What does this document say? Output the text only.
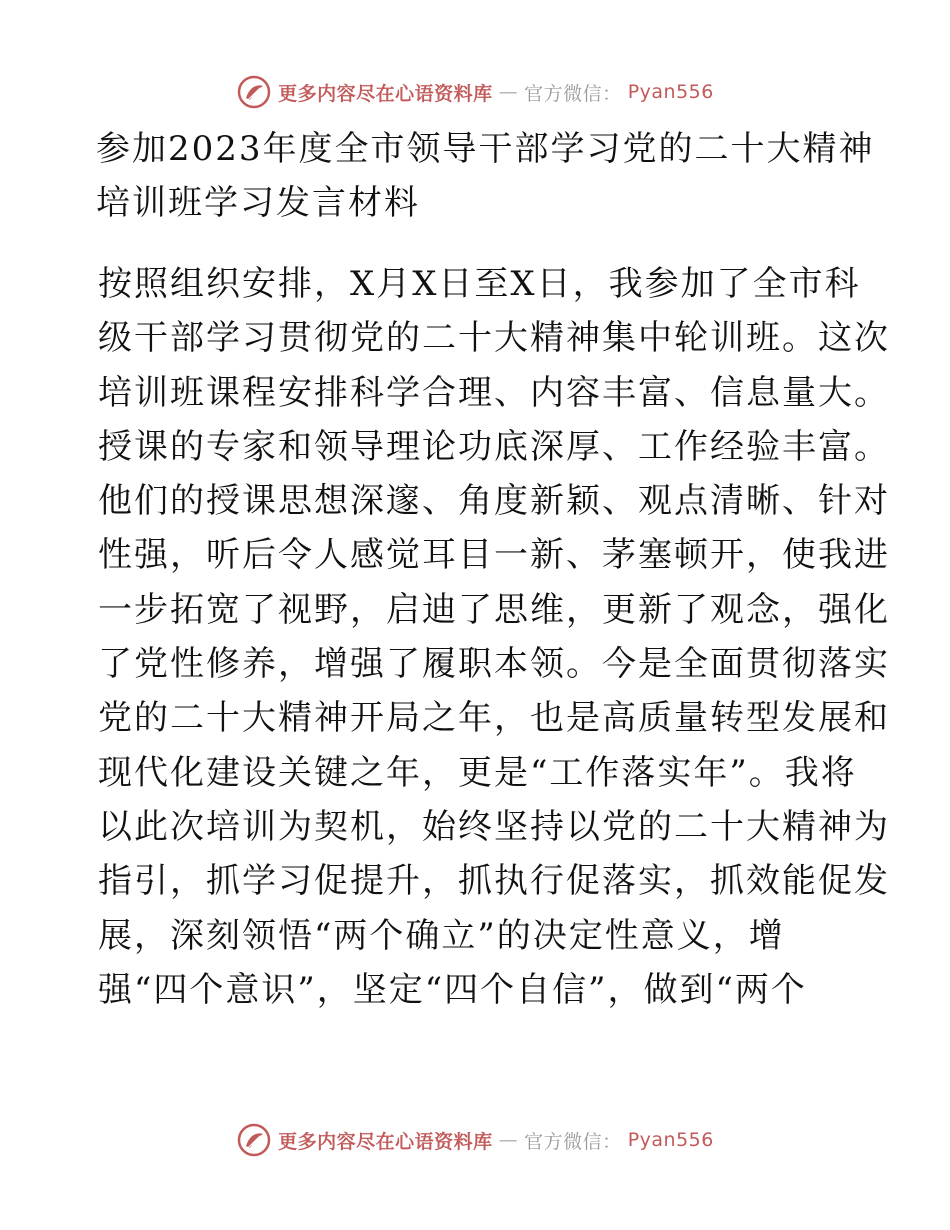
更多内容尽在心语资料库 — 官方微信： Pyan556
参加2023年度全市领导干部学习党的二十大精神
培训班学习发言材料
按照组织安排，X月X日至X日，我参加了全市科
级干部学习贯彻党的二十大精神集中轮训班。这次
培训班课程安排科学合理、内容丰富、信息量大。
授课的专家和领导理论功底深厚、工作经验丰富。
他们的授课思想深邃、角度新颖、观点清晰、针对
性强，听后令人感觉耳目一新、茅塞顿开，使我进
一步拓宽了视野，启迪了思维，更新了观念，强化
了党性修养，增强了履职本领。今是全面贯彻落实
党的二十大精神开局之年，也是高质量转型发展和
现代化建设关键之年，更是“工作落实年”。我将
以此次培训为契机，始终坚持以党的二十大精神为
指引，抓学习促提升，抓执行促落实，抓效能促发
展，深刻领悟“两个确立”的决定性意义，增
强“四个意识”，坚定“四个自信”，做到“两个
更多内容尽在心语资料库 — 官方微信： Pyan556
